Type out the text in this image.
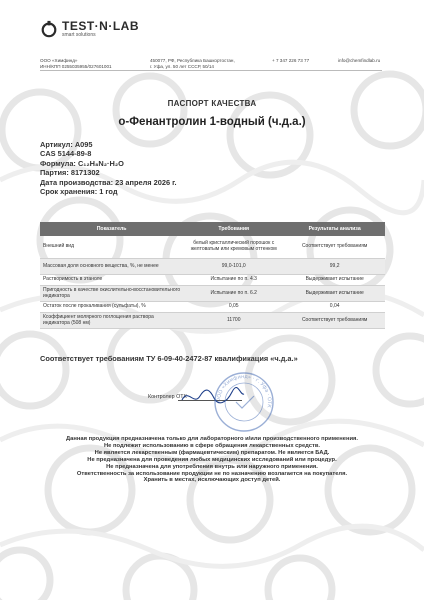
TEST·N·LAB
smart solutions
ООО «Химфинд»
ИНН/КПП 0255035955/027601001
450077, РФ, Республика Башкортостан,
г. Уфа, ул. 50 лет СССР, 50/14
+ 7 347 226 73 77	info@chemfindlab.ru
ПАСПОРТ КАЧЕСТВА
о-Фенантролин 1-водный (ч.д.а.)
Артикул: A095
CAS 5144-89-8
Формула: C₁₂H₈N₂·H₂O
Партия: 8171302
Дата производства: 23 апреля 2026 г.
Срок хранения: 1 год
Показатель	Требования	Результаты анализа
Внешний вид	белый кристаллический порошок с желтоватым или кремовым оттенком	Соответствует требованиям
Массовая доля основного вещества, %, не менее	99,0-101,0	99,2
Растворимость в этаноле	Испытание по п. 4.3	Выдерживает испытание
Пригодность в качестве окислительно-восстановительного индикатора	Испытание по п. 6.2	Выдерживает испытание
Остаток после прокаливания (сульфаты), %	0,05	0,04
Коэффициент молярного поглощения раствора индикатора (508 нм)	11700	Соответствует требованиям
Соответствует требованиям ТУ 6-09-40-2472-87 квалификация «ч.д.а.»
Контролер ОТК
ООО «Химфинд» · г. Уфа · ОТК
Данная продукция предназначена только для лабораторного и/или производственного применения.
Не подлежит использованию в сфере обращения лекарственных средств.
Не является лекарственным (фармацевтическим) препаратом. Не является БАД.
Не предназначена для проведения любых медицинских исследований или процедур.
Не предназначена для употребления внутрь или наружного применения.
Ответственность за использование продукции не по назначению возлагается на покупателя.
Хранить в местах, исключающих доступ детей.
